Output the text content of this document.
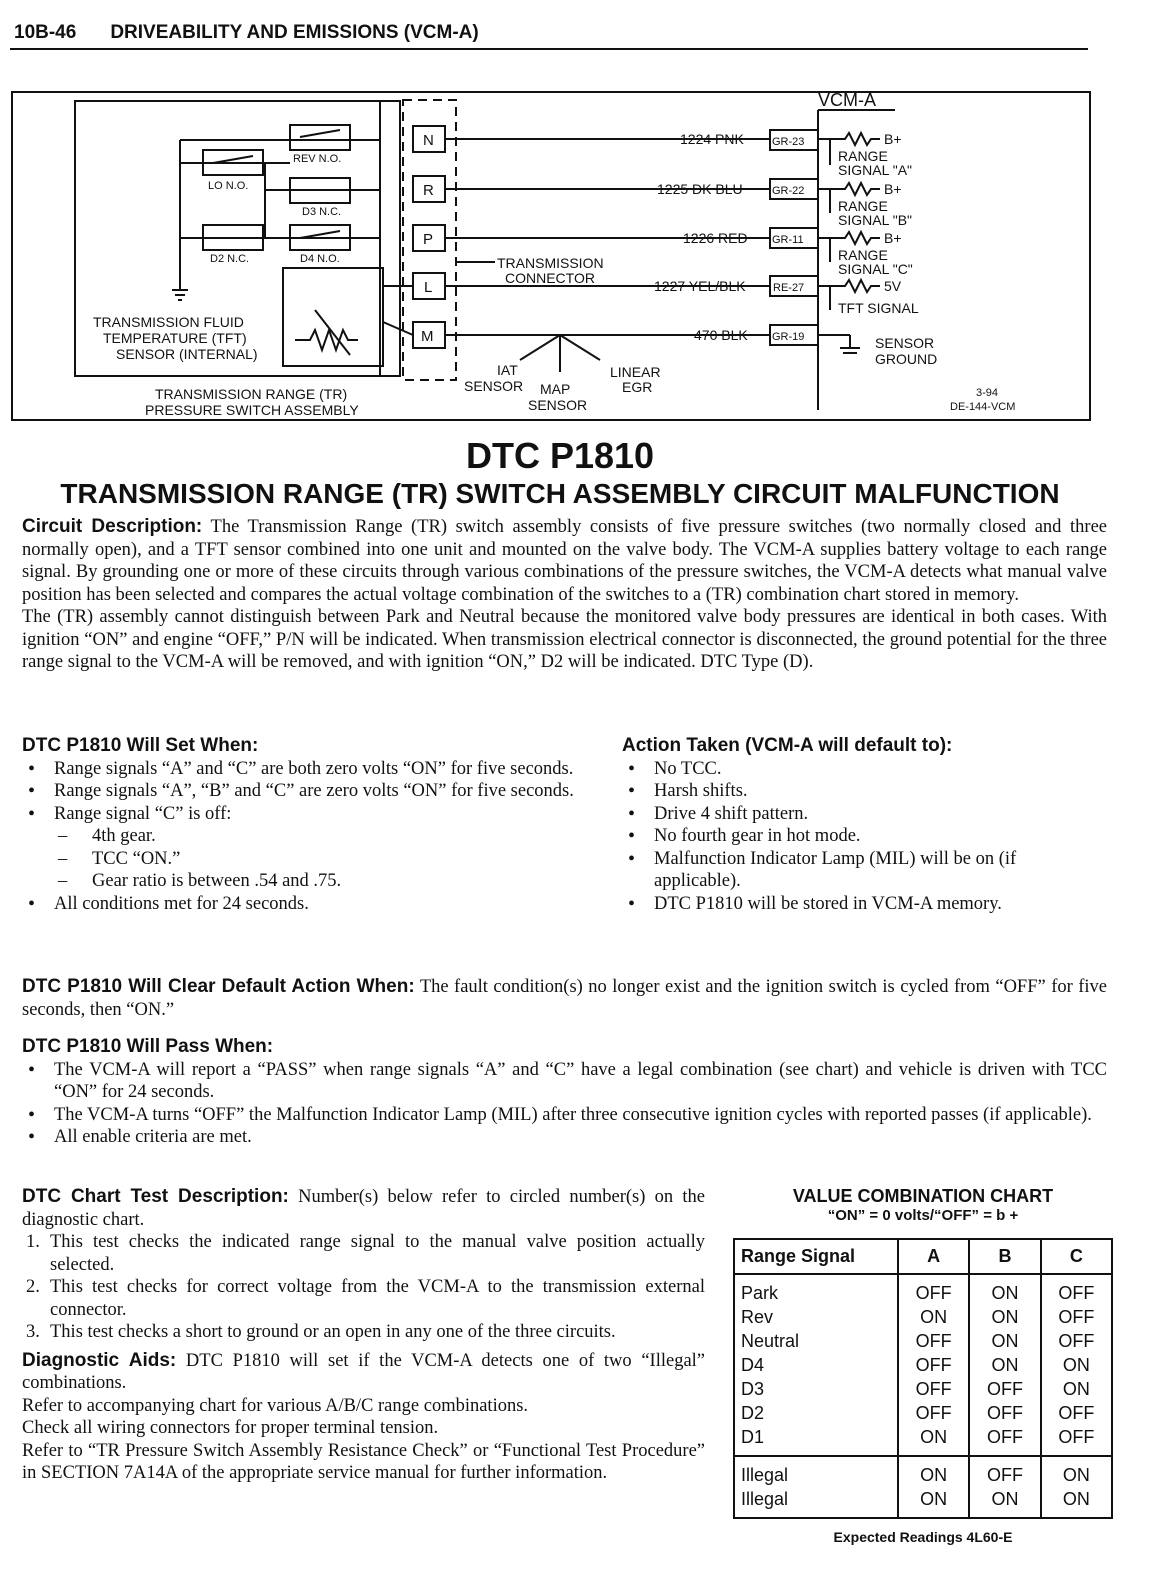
10B-46 DRIVEABILITY AND EMISSIONS (VCM-A)
VCM-A
REV N.O.
LO N.O.
D3 N.C.
D2 N.C.	D4 N.O.
TRANSMISSION FLUID
TEMPERATURE (TFT)
SENSOR (INTERNAL)
TRANSMISSION RANGE (TR)
PRESSURE SWITCH ASSEMBLY
N
R
P
L
M
TRANSMISSION
CONNECTOR
1224 PNK
1225 DK BLU
1226 RED
1227 YEL/BLK
470 BLK
GR-23
GR-22
GR-11
RE-27
GR-19
B+
B+
B+
5V
RANGE
SIGNAL "A"
RANGE
SIGNAL "B"
RANGE
SIGNAL "C"
TFT SIGNAL
SENSOR
GROUND
IAT
SENSOR MAP
SENSOR
LINEAR
EGR	3-94
DE-144-VCM
DTC P1810
TRANSMISSION RANGE (TR) SWITCH ASSEMBLY CIRCUIT MALFUNCTION
Circuit Description: The Transmission Range (TR) switch assembly consists of five pressure switches (two normally closed and three normally open), and a TFT sensor combined into one unit and mounted on the valve body. The VCM-A supplies battery voltage to each range signal. By grounding one or more of these circuits through various combinations of the pressure switches, the VCM-A detects what manual valve position has been selected and compares the actual voltage combination of the switches to a (TR) combination chart stored in memory.
The (TR) assembly cannot distinguish between Park and Neutral because the monitored valve body pressures are identical in both cases. With ignition “ON” and engine “OFF,” P/N will be indicated. When transmission electrical connector is disconnected, the ground potential for the three range signal to the VCM-A will be removed, and with ignition “ON,” D2 will be indicated. DTC Type (D).
DTC P1810 Will Set When:
• Range signals “A” and “C” are both zero volts “ON” for five seconds.
• Range signals “A”, “B” and “C” are zero volts “ON” for five seconds.
• Range signal “C” is off:
– 4th gear.
– TCC “ON.”
– Gear ratio is between .54 and .75.
• All conditions met for 24 seconds.
Action Taken (VCM-A will default to):
• No TCC.
• Harsh shifts.
• Drive 4 shift pattern.
• No fourth gear in hot mode.
• Malfunction Indicator Lamp (MIL) will be on (if applicable).
• DTC P1810 will be stored in VCM-A memory.
DTC P1810 Will Clear Default Action When: The fault condition(s) no longer exist and the ignition switch is cycled from “OFF” for five seconds, then “ON.”
DTC P1810 Will Pass When:
• The VCM-A will report a “PASS” when range signals “A” and “C” have a legal combination (see chart) and vehicle is driven with TCC “ON” for 24 seconds.
• The VCM-A turns “OFF” the Malfunction Indicator Lamp (MIL) after three consecutive ignition cycles with reported passes (if applicable).
• All enable criteria are met.
DTC Chart Test Description: Number(s) below refer to circled number(s) on the diagnostic chart.
1. This test checks the indicated range signal to the manual valve position actually selected.
2. This test checks for correct voltage from the VCM-A to the transmission external connector.
3. This test checks a short to ground or an open in any one of the three circuits.
Diagnostic Aids: DTC P1810 will set if the VCM-A detects one of two “Illegal” combinations.
Refer to accompanying chart for various A/B/C range combinations.
Check all wiring connectors for proper terminal tension.
Refer to “TR Pressure Switch Assembly Resistance Check” or “Functional Test Procedure” in SECTION 7A14A of the appropriate service manual for further information.
VALUE COMBINATION CHART
“ON” = 0 volts/“OFF” = b +
Range Signal	A	B	C
Park	OFF	ON	OFF
Rev	ON	ON	OFF
Neutral	OFF	ON	OFF
D4	OFF	ON	ON
D3	OFF	OFF	ON
D2	OFF	OFF	OFF
D1	ON	OFF	OFF
Illegal	ON	OFF	ON
Illegal	ON	ON	ON
Expected Readings 4L60-E
